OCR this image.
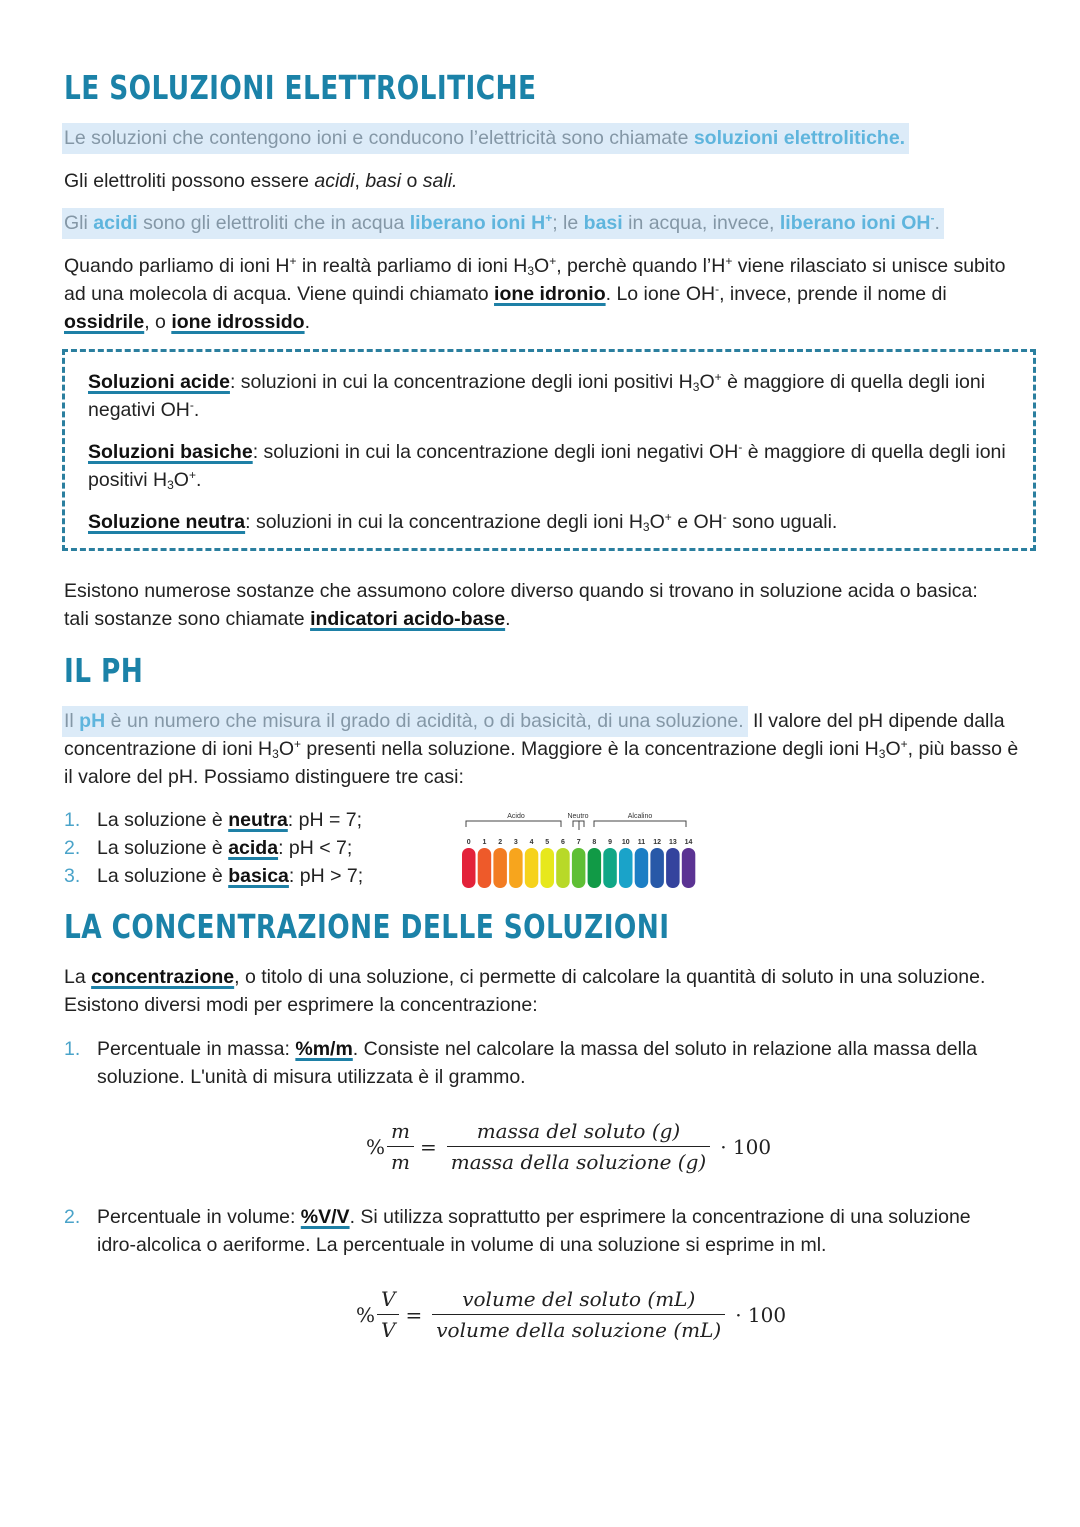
LE SOLUZIONI ELETTROLITICHE
Le soluzioni che contengono ioni e conducono l’elettricità sono chiamate soluzioni elettrolitiche.
Gli elettroliti possono essere acidi, basi o sali.
Gli acidi sono gli elettroliti che in acqua liberano ioni H+; le basi in acqua, invece, liberano ioni OH-.
Quando parliamo di ioni H+ in realtà parliamo di ioni $H_3O^+$, perchè quando l’H+ viene rilasciato si unisce subito ad una molecola di acqua. Viene quindi chiamato ione idronio. Lo ione OH-, invece, prende il nome di ossidrile, o ione idrossido.
Soluzioni acide: soluzioni in cui la concentrazione degli ioni positivi $H_3O^+$ è maggiore di quella degli ioni negativi OH-.
Soluzioni basiche: soluzioni in cui la concentrazione degli ioni negativi OH- è maggiore di quella degli ioni positivi $H_3O^+$.
Soluzione neutra: soluzioni in cui la concentrazione degli ioni $H_3O^+$ e OH- sono uguali.
Esistono numerose sostanze che assumono colore diverso quando si trovano in soluzione acida o basica: tali sostanze sono chiamate indicatori acido-base.
IL PH
Il pH è un numero che misura il grado di acidità, o di basicità, di una soluzione. Il valore del pH dipende dalla concentrazione di ioni $H_3O^+$ presenti nella soluzione. Maggiore è la concentrazione degli ioni $H_3O^+$, più basso è il valore del pH. Possiamo distinguere tre casi:
1. La soluzione è neutra: pH = 7;
2. La soluzione è acida: pH < 7;
3. La soluzione è basica: pH > 7;
Acido	Neutro	Alcalino
0 1 2 3 4 5 6 7 8 9 10 11 12 13 14
LA CONCENTRAZIONE DELLE SOLUZIONI
La concentrazione, o titolo di una soluzione, ci permette di calcolare la quantità di soluto in una soluzione. Esistono diversi modi per esprimere la concentrazione:
1. Percentuale in massa: %m/m. Consiste nel calcolare la massa del soluto in relazione alla massa della soluzione. L'unità di misura utilizzata è il grammo.
% $\frac{m}{m} = \frac{\text{massa del soluto (g)}}{\text{massa della soluzione (g)}} \cdot 100$
2. Percentuale in volume: %V/V. Si utilizza soprattutto per esprimere la concentrazione di una soluzione idro-alcolica o aeriforme. La percentuale in volume di una soluzione si esprime in ml.
% $\frac{V}{V} = \frac{\text{volume del soluto (mL)}}{\text{volume della soluzione (mL)}} \cdot 100$
